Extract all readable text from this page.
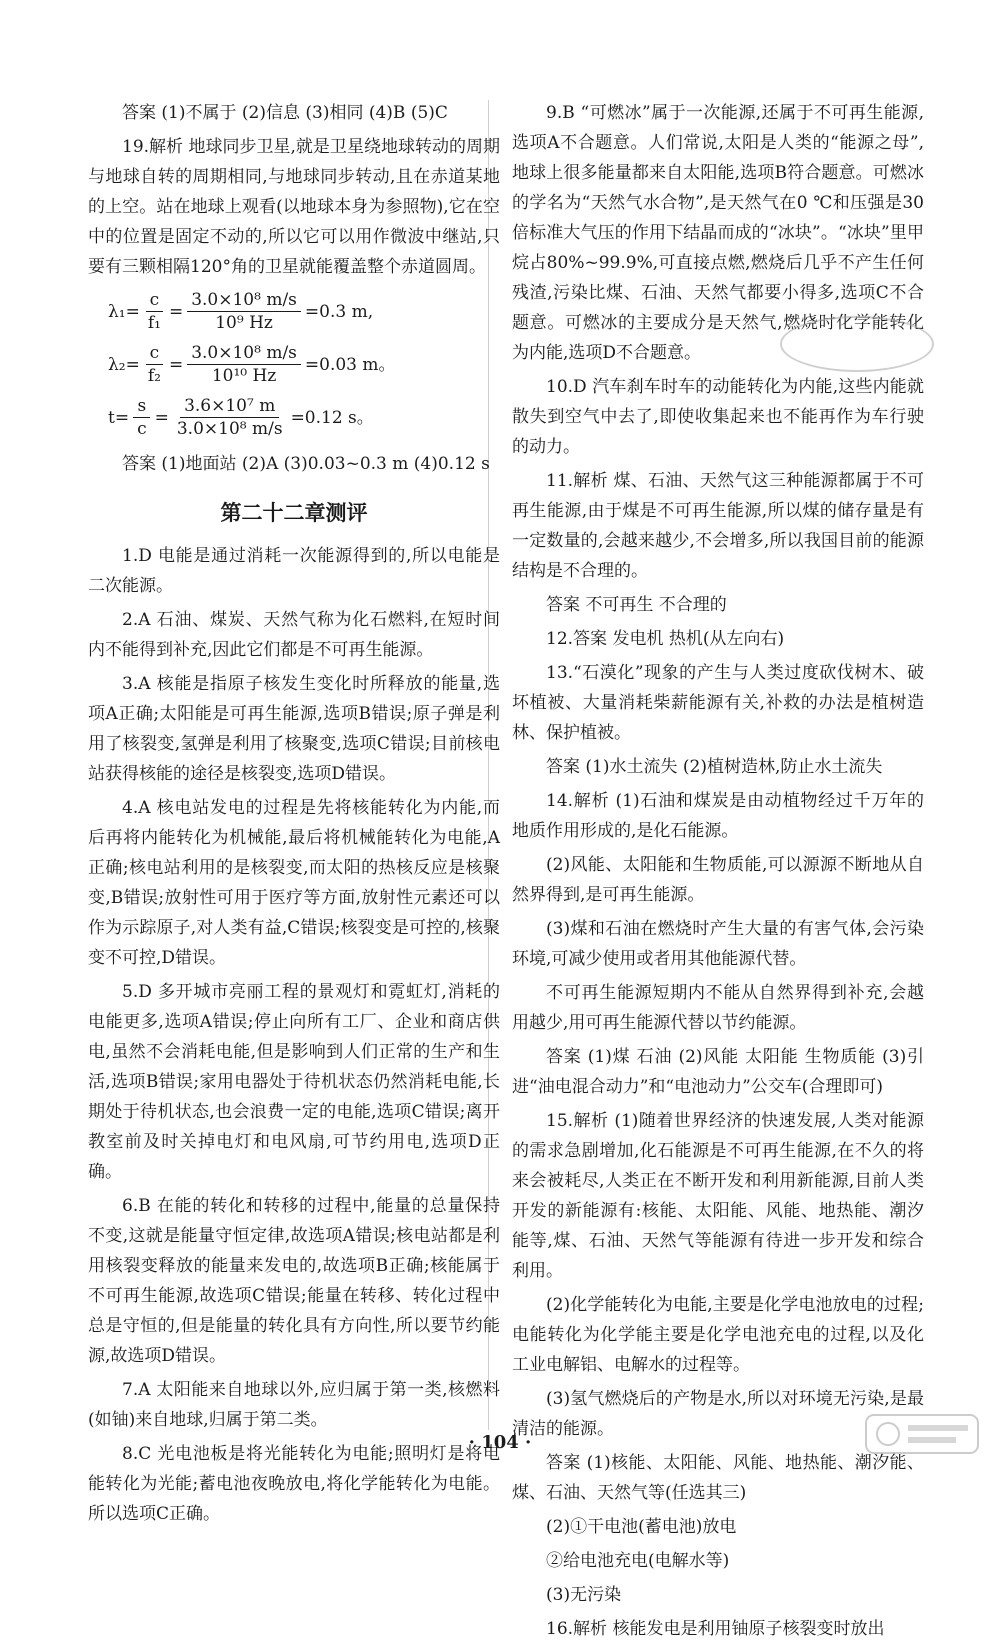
答案 (1)不属于 (2)信息 (3)相同 (4)B (5)C

19.解析 地球同步卫星,就是卫星绕地球转动的周期与地球自转的周期相同,与地球同步转动,且在赤道某地的上空。站在地球上观看(以地球本身为参照物),它在空中的位置是固定不动的,所以它可以用作微波中继站,只要有三颗相隔120°角的卫星就能覆盖整个赤道圆周。

$\lambda_1= \frac{c}{\text{f₁}} = \frac{\text{3.0×10⁸ m/s}}{\text{10⁹ Hz}} =0.3$ m,
$\lambda_2= \frac{c}{\text{f₂}} = \frac{\text{3.0×10⁸ m/s}}{\text{10¹⁰ Hz}} =0.03$ m。
$t= \frac{s}{c} = \frac{\text{3.6×10⁷ m}}{\text{3.0×10⁸ m/s}} =0.12$ s。

答案 (1)地面站 (2)A (3)0.03~0.3 m (4)0.12 s

第二十二章测评

1.D 电能是通过消耗一次能源得到的,所以电能是二次能源。

2.A 石油、煤炭、天然气称为化石燃料,在短时间内不能得到补充,因此它们都是不可再生能源。

3.A 核能是指原子核发生变化时所释放的能量,选项A正确;太阳能是可再生能源,选项B错误;原子弹是利用了核裂变,氢弹是利用了核聚变,选项C错误;目前核电站获得核能的途径是核裂变,选项D错误。

4.A 核电站发电的过程是先将核能转化为内能,而后再将内能转化为机械能,最后将机械能转化为电能,A正确;核电站利用的是核裂变,而太阳的热核反应是核聚变,B错误;放射性可用于医疗等方面,放射性元素还可以作为示踪原子,对人类有益,C错误;核裂变是可控的,核聚变不可控,D错误。

5.D 多开城市亮丽工程的景观灯和霓虹灯,消耗的电能更多,选项A错误;停止向所有工厂、企业和商店供电,虽然不会消耗电能,但是影响到人们正常的生产和生活,选项B错误;家用电器处于待机状态仍然消耗电能,长期处于待机状态,也会浪费一定的电能,选项C错误;离开教室前及时关掉电灯和电风扇,可节约用电,选项D正确。

6.B 在能的转化和转移的过程中,能量的总量保持不变,这就是能量守恒定律,故选项A错误;核电站都是利用核裂变释放的能量来发电的,故选项B正确;核能属于不可再生能源,故选项C错误;能量在转移、转化过程中总是守恒的,但是能量的转化具有方向性,所以要节约能源,故选项D错误。

7.A 太阳能来自地球以外,应归属于第一类,核燃料(如铀)来自地球,归属于第二类。

8.C 光电池板是将光能转化为电能;照明灯是将电能转化为光能;蓄电池夜晚放电,将化学能转化为电能。所以选项C正确。

9.B “可燃冰”属于一次能源,还属于不可再生能源,选项A不合题意。人们常说,太阳是人类的“能源之母”,地球上很多能量都来自太阳能,选项B符合题意。可燃冰的学名为“天然气水合物”,是天然气在0 ℃和压强是30倍标准大气压的作用下结晶而成的“冰块”。“冰块”里甲烷占80%~99.9%,可直接点燃,燃烧后几乎不产生任何残渣,污染比煤、石油、天然气都要小得多,选项C不合题意。可燃冰的主要成分是天然气,燃烧时化学能转化为内能,选项D不合题意。

10.D 汽车刹车时车的动能转化为内能,这些内能就散失到空气中去了,即使收集起来也不能再作为车行驶的动力。

11.解析 煤、石油、天然气这三种能源都属于不可再生能源,由于煤是不可再生能源,所以煤的储存量是有一定数量的,会越来越少,不会增多,所以我国目前的能源结构是不合理的。

答案 不可再生 不合理的

12.答案 发电机 热机(从左向右)

13.“石漠化”现象的产生与人类过度砍伐树木、破坏植被、大量消耗柴薪能源有关,补救的办法是植树造林、保护植被。

答案 (1)水土流失 (2)植树造林,防止水土流失

14.解析 (1)石油和煤炭是由动植物经过千万年的地质作用形成的,是化石能源。

(2)风能、太阳能和生物质能,可以源源不断地从自然界得到,是可再生能源。

(3)煤和石油在燃烧时产生大量的有害气体,会污染环境,可减少使用或者用其他能源代替。

不可再生能源短期内不能从自然界得到补充,会越用越少,用可再生能源代替以节约能源。

答案 (1)煤 石油 (2)风能 太阳能 生物质能 (3)引进“油电混合动力”和“电池动力”公交车(合理即可)

15.解析 (1)随着世界经济的快速发展,人类对能源的需求急剧增加,化石能源是不可再生能源,在不久的将来会被耗尽,人类正在不断开发和利用新能源,目前人类开发的新能源有:核能、太阳能、风能、地热能、潮汐能等,煤、石油、天然气等能源有待进一步开发和综合利用。

(2)化学能转化为电能,主要是化学电池放电的过程;电能转化为化学能主要是化学电池充电的过程,以及化工业电解铝、电解水的过程等。

(3)氢气燃烧后的产物是水,所以对环境无污染,是最清洁的能源。

答案 (1)核能、太阳能、风能、地热能、潮汐能、煤、石油、天然气等(任选其三)

(2)①干电池(蓄电池)放电

②给电池充电(电解水等)

(3)无污染

16.解析 核能发电是利用铀原子核裂变时放出

· 104 ·
